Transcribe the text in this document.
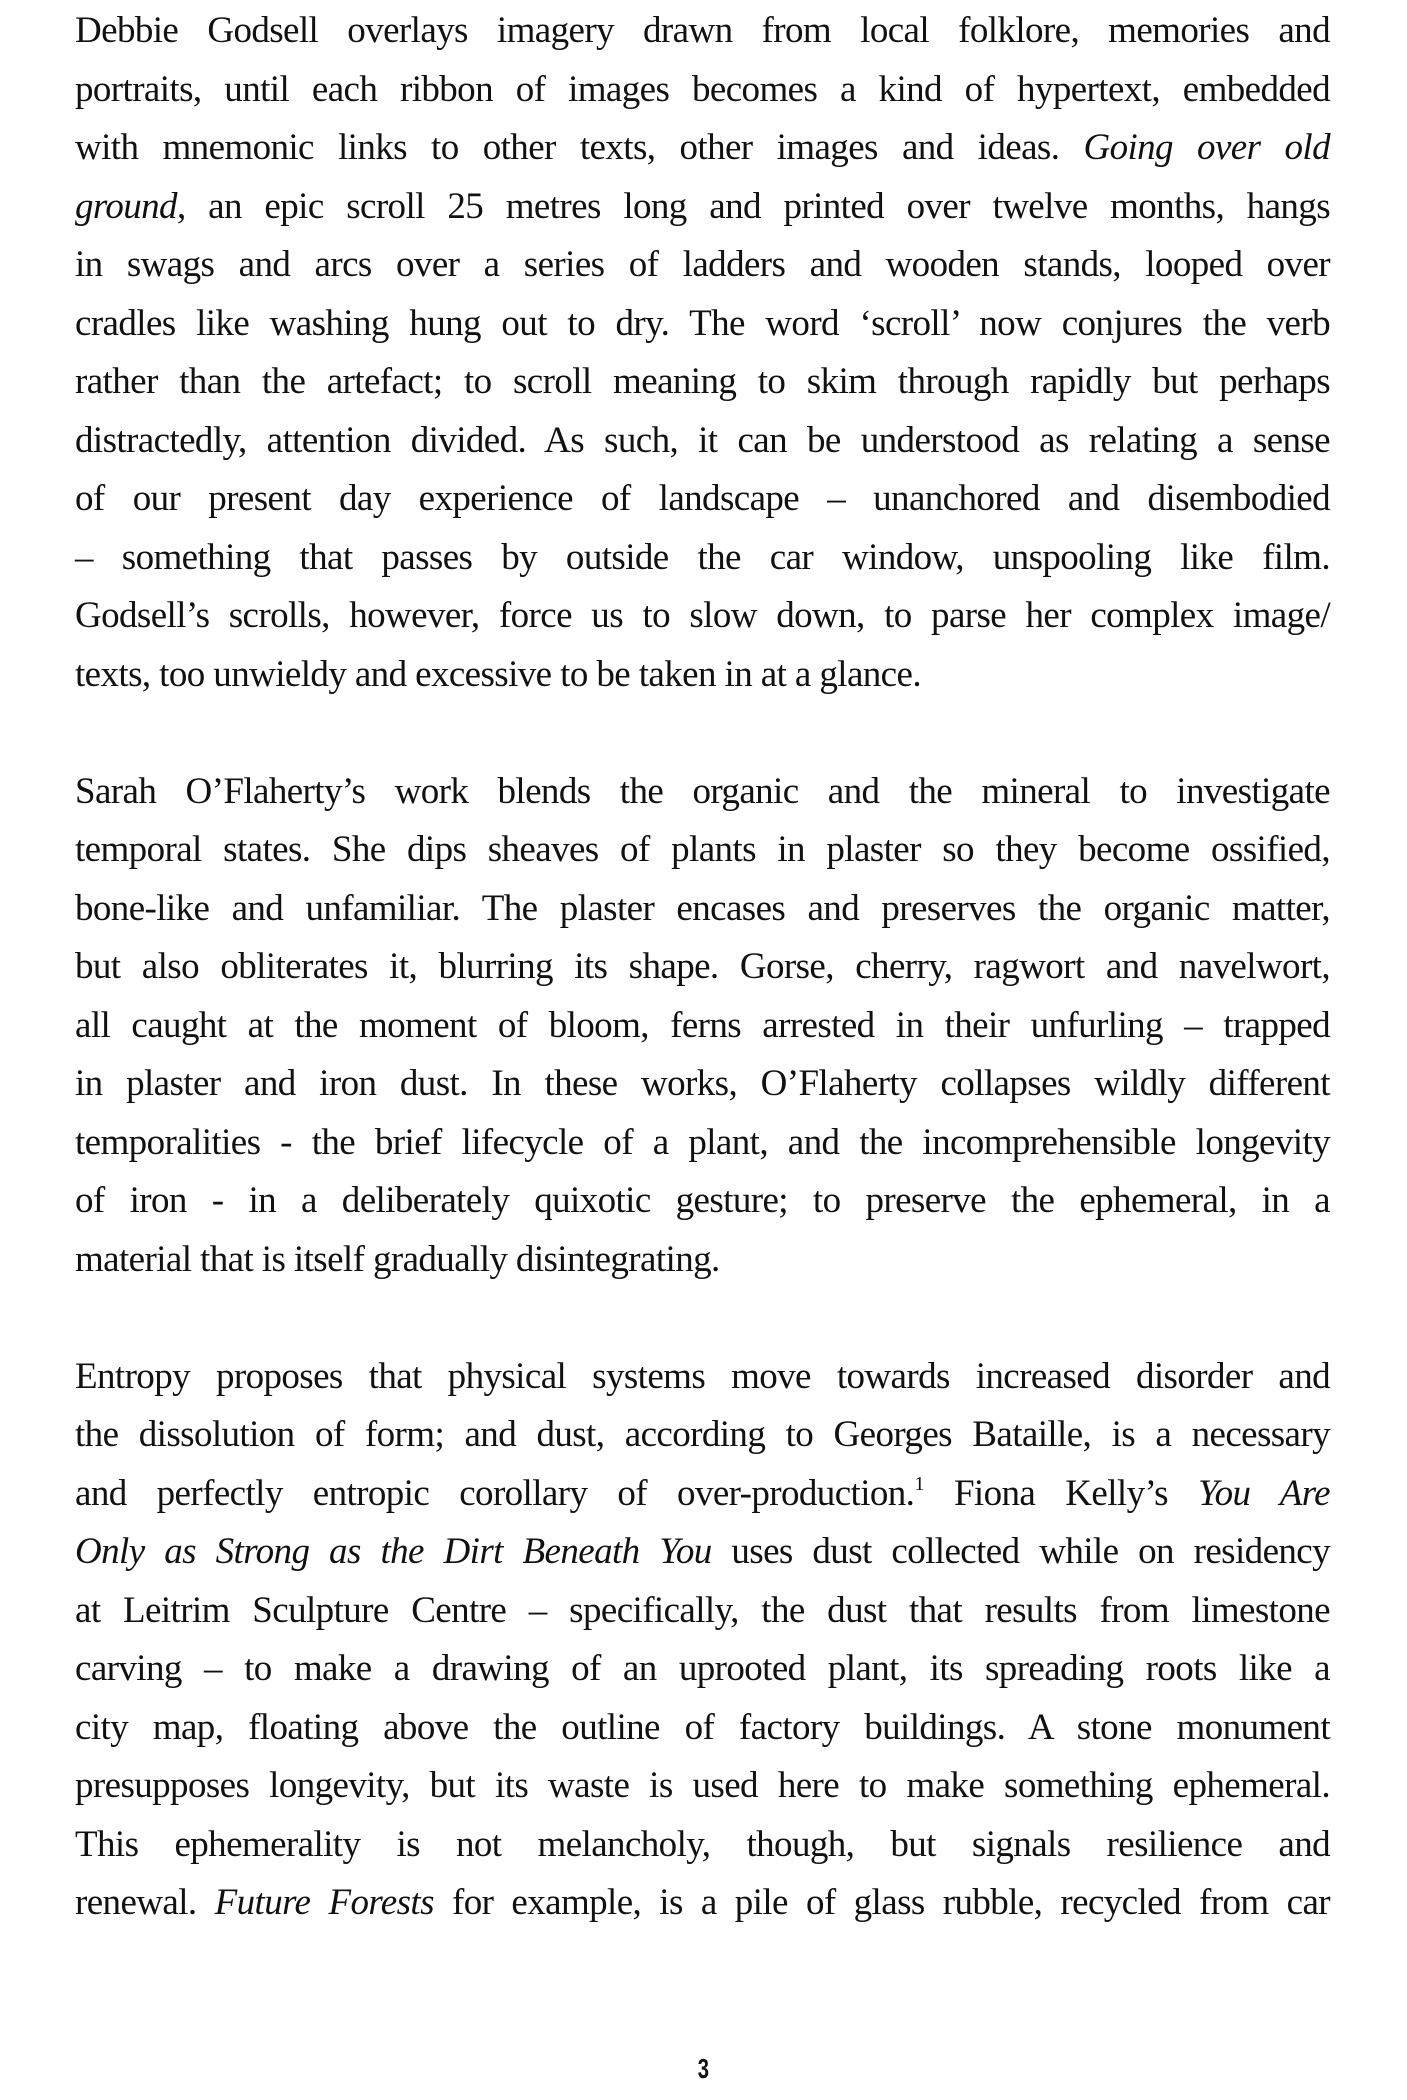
Debbie Godsell overlays imagery drawn from local folklore, memories and
portraits, until each ribbon of images becomes a kind of hypertext, embedded
with mnemonic links to other texts, other images and ideas. Going over old
ground, an epic scroll 25 metres long and printed over twelve months, hangs
in swags and arcs over a series of ladders and wooden stands, looped over
cradles like washing hung out to dry. The word ‘scroll’ now conjures the verb
rather than the artefact; to scroll meaning to skim through rapidly but perhaps
distractedly, attention divided. As such, it can be understood as relating a sense
of our present day experience of landscape – unanchored and disembodied
– something that passes by outside the car window, unspooling like film.
Godsell’s scrolls, however, force us to slow down, to parse her complex image/
texts, too unwieldy and excessive to be taken in at a glance.
Sarah O’Flaherty’s work blends the organic and the mineral to investigate
temporal states. She dips sheaves of plants in plaster so they become ossified,
bone-like and unfamiliar. The plaster encases and preserves the organic matter,
but also obliterates it, blurring its shape. Gorse, cherry, ragwort and navelwort,
all caught at the moment of bloom, ferns arrested in their unfurling – trapped
in plaster and iron dust. In these works, O’Flaherty collapses wildly different
temporalities - the brief lifecycle of a plant, and the incomprehensible longevity
of iron - in a deliberately quixotic gesture; to preserve the ephemeral, in a
material that is itself gradually disintegrating.
Entropy proposes that physical systems move towards increased disorder and
the dissolution of form; and dust, according to Georges Bataille, is a necessary
and perfectly entropic corollary of over-production.$^1$ Fiona Kelly’s You Are
Only as Strong as the Dirt Beneath You uses dust collected while on residency
at Leitrim Sculpture Centre – specifically, the dust that results from limestone
carving – to make a drawing of an uprooted plant, its spreading roots like a
city map, floating above the outline of factory buildings. A stone monument
presupposes longevity, but its waste is used here to make something ephemeral.
This ephemerality is not melancholy, though, but signals resilience and
renewal. Future Forests for example, is a pile of glass rubble, recycled from car
3
